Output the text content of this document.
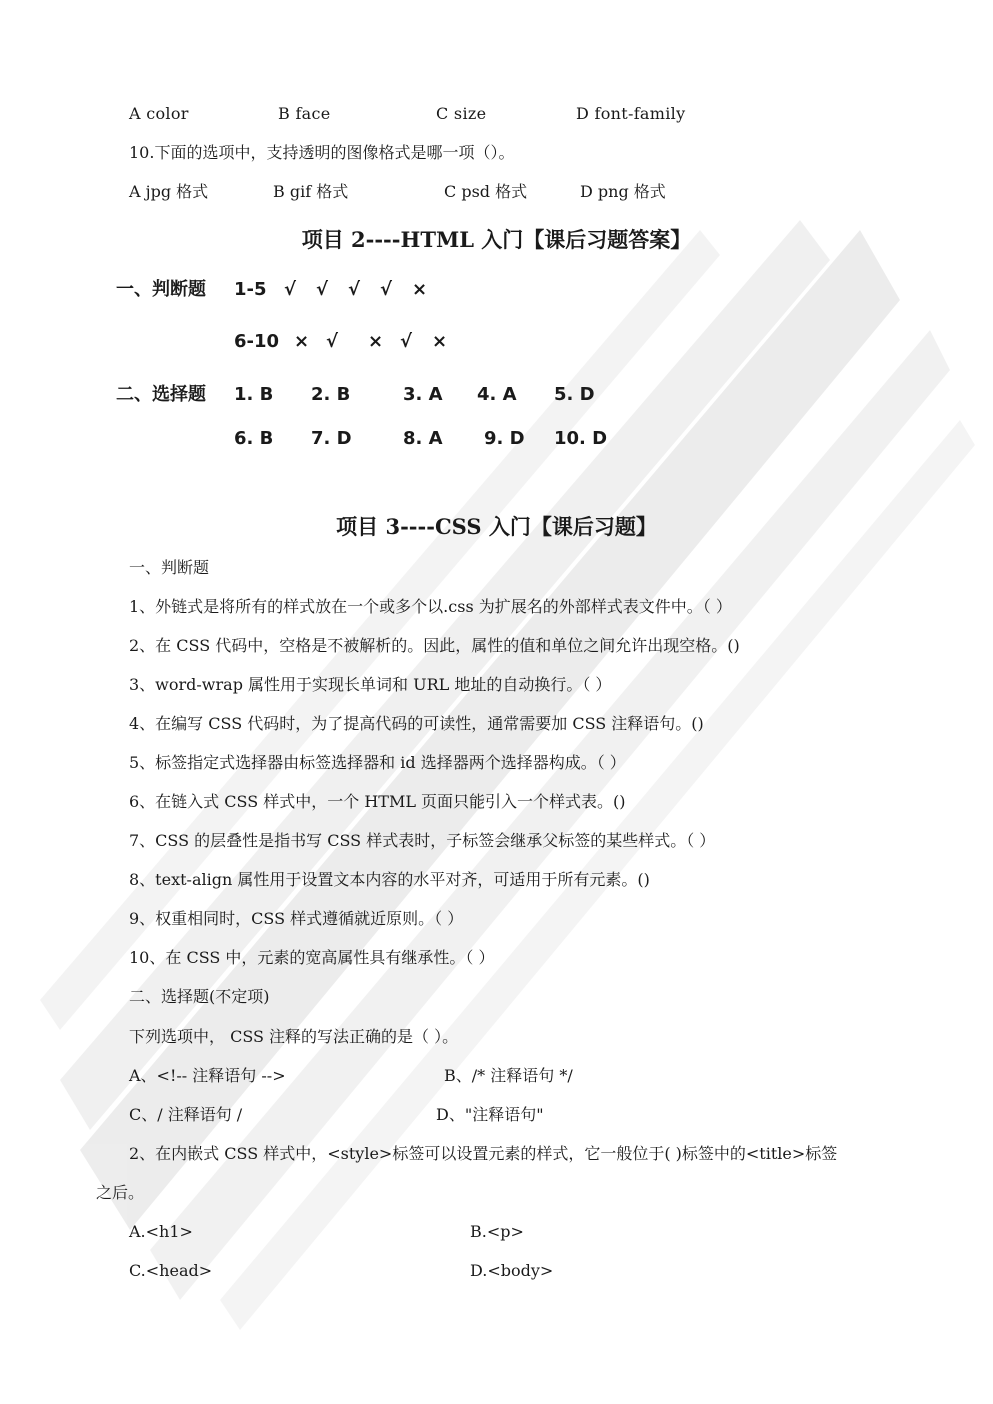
A color	B face	C size	D font-family
10.下面的选项中，支持透明的图像格式是哪一项（）。
A jpg 格式	B gif 格式	C psd 格式	D png 格式
项目 2----HTML 入门【课后习题答案】
一、判断题 1-5 √ √ √ √ ×
6-10 × √ × √ ×
二、选择题 1. B 2. B	3. A 4. A 5. D
6. B 7. D	8. A 9. D 10. D
项目 3----CSS 入门【课后习题】
一、判断题
1、外链式是将所有的样式放在一个或多个以.css 为扩展名的外部样式表文件中。（ ）
2、在 CSS 代码中，空格是不被解析的。因此，属性的值和单位之间允许出现空格。()
3、word-wrap 属性用于实现长单词和 URL 地址的自动换行。（ ）
4、在编写 CSS 代码时，为了提高代码的可读性，通常需要加 CSS 注释语句。()
5、标签指定式选择器由标签选择器和 id 选择器两个选择器构成。（ ）
6、在链入式 CSS 样式中，一个 HTML 页面只能引入一个样式表。()
7、CSS 的层叠性是指书写 CSS 样式表时，子标签会继承父标签的某些样式。（ ）
8、text-align 属性用于设置文本内容的水平对齐，可适用于所有元素。()
9、权重相同时，CSS 样式遵循就近原则。（ ）
10、在 CSS 中，元素的宽高属性具有继承性。（ ）
二、选择题(不定项)
下列选项中， CSS 注释的写法正确的是（ ）。
A、<!-- 注释语句 -->	B、/* 注释语句 */
C、/ 注释语句 /	D、"注释语句"
2、在内嵌式 CSS 样式中，<style>标签可以设置元素的样式，它一般位于( )标签中的<title>标签
之后。
A.<h1>	B.<p>
C.<head>	D.<body>
